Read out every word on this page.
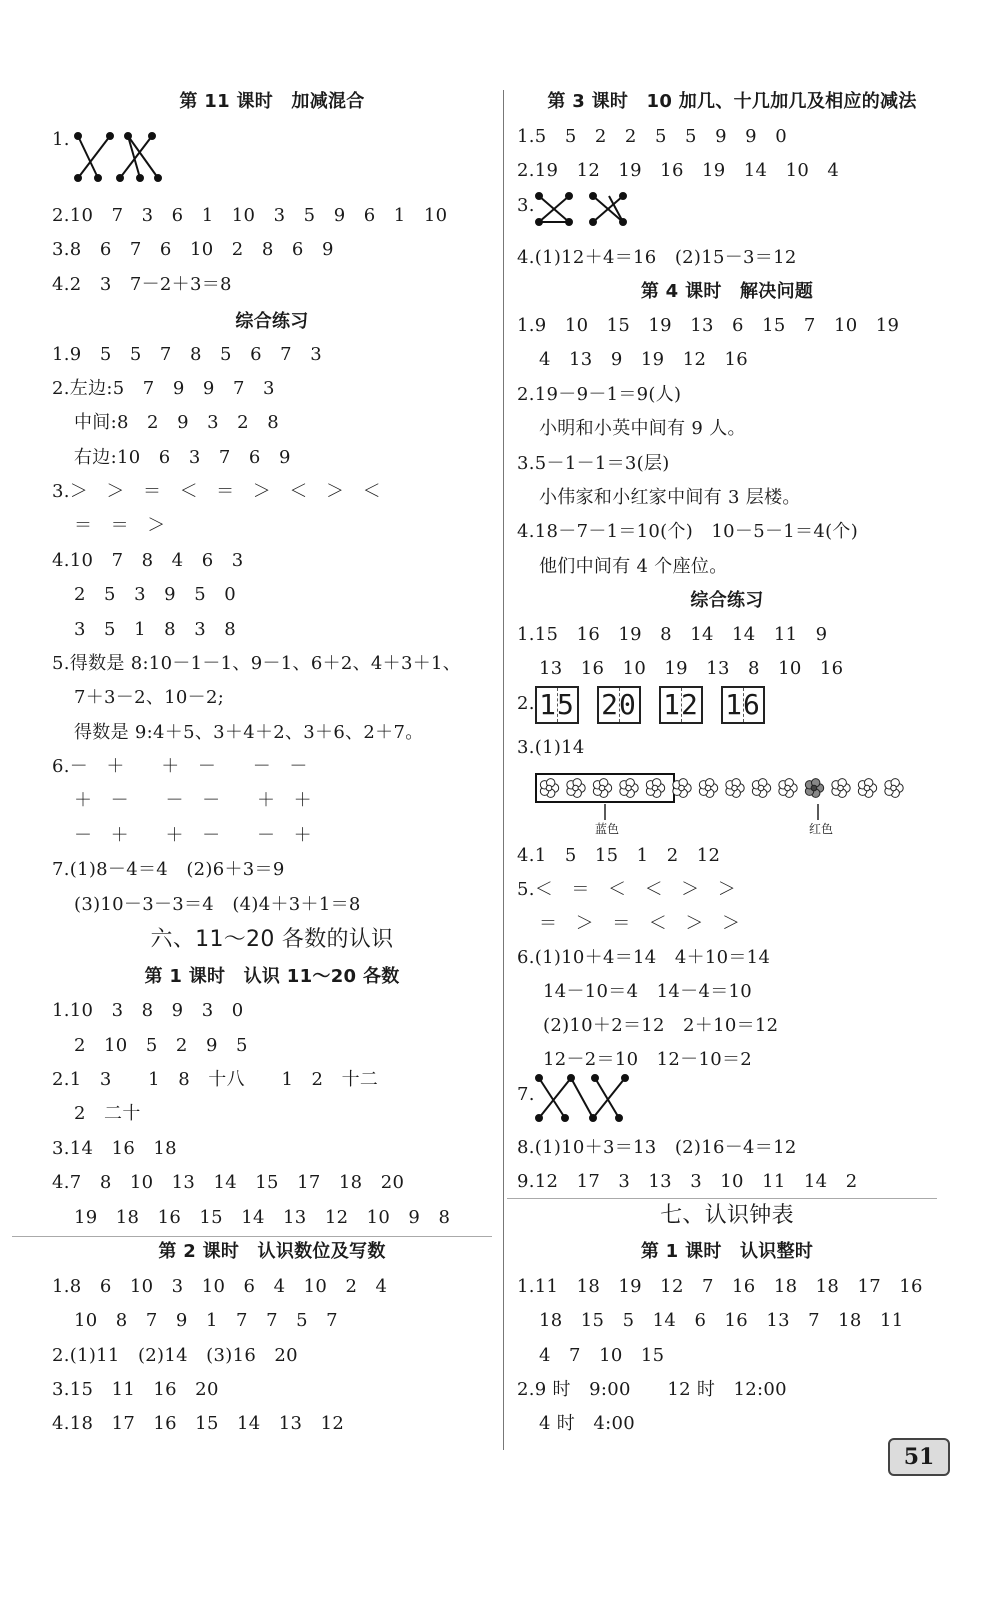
第 11 课时　加减混合
1.
2.10　7　3　6　1　10　3　5　9　6　1　10
3.8　6　7　6　10　2　8　6　9
4.2　3　7－2＋3＝8
综合练习
1.9　5　5　7　8　5　6　7　3
2.左边:5　7　9　9　7　3
中间:8　2　9　3　2　8
右边:10　6　3　7　6　9
3.＞　＞　＝　＜　＝　＞　＜　＞　＜
＝　＝　＞
4.10　7　8　4　6　3
2　5　3　9　5　0
3　5　1　8　3　8
5.得数是 8:10－1－1、9－1、6＋2、4＋3＋1、
7＋3－2、10－2;
得数是 9:4＋5、3＋4＋2、3＋6、2＋7。
6.－　＋　　＋　－　　－　－
＋　－　　－　－　　＋　＋
－　＋　　＋　－　　－　＋
7.(1)8－4＝4　(2)6＋3＝9
(3)10－3－3＝4　(4)4＋3＋1＝8
六、11～20 各数的认识
第 1 课时　认识 11～20 各数
1.10　3　8　9　3　0
2　10　5　2　9　5
2.1　3　　1　8　十八　　1　2　十二
2　二十
3.14　16　18
4.7　8　10　13　14　15　17　18　20
19　18　16　15　14　13　12　10　9　8
第 2 课时　认识数位及写数
1.8　6　10　3　10　6　4　10　2　4
10　8　7　9　1　7　7　5　7
2.(1)11　(2)14　(3)16　20
3.15　11　16　20
4.18　17　16　15　14　13　12
第 3 课时　10 加几、十几加几及相应的减法
1.5　5　2　2　5　5　9　9　0
2.19　12　19　16　19　14　10　4
3.
4.(1)12＋4＝16　(2)15－3＝12
第 4 课时　解决问题
1.9　10　15　19　13　6　15　7　10　19
4　13　9　19　12　16
2.19－9－1＝9(人)
小明和小英中间有 9 人。
3.5－1－1＝3(层)
小伟家和小红家中间有 3 层楼。
4.18－7－1＝10(个)　10－5－1＝4(个)
他们中间有 4 个座位。
综合练习
1.15　16　19　8　14　14　11　9
13　16　10　19　13　8　10　16
2. 15 20 12 16
3.(1)14
蓝色	红色
4.1　5　15　1　2　12
5.＜　＝　＜　＜　＞　＞
＝　＞　＝　＜　＞　＞
6.(1)10＋4＝14　4＋10＝14
14－10＝4　14－4＝10
(2)10＋2＝12　2＋10＝12
12－2＝10　12－10＝2
7.
8.(1)10＋3＝13　(2)16－4＝12
9.12　17　3　13　3　10　11　14　2
七、认识钟表
第 1 课时　认识整时
1.11　18　19　12　7　16　18　18　17　16
18　15　5　14　6　16　13　7　18　11
4　7　10　15
2.9 时　9:00　　12 时　12:00
4 时　4:00
51
